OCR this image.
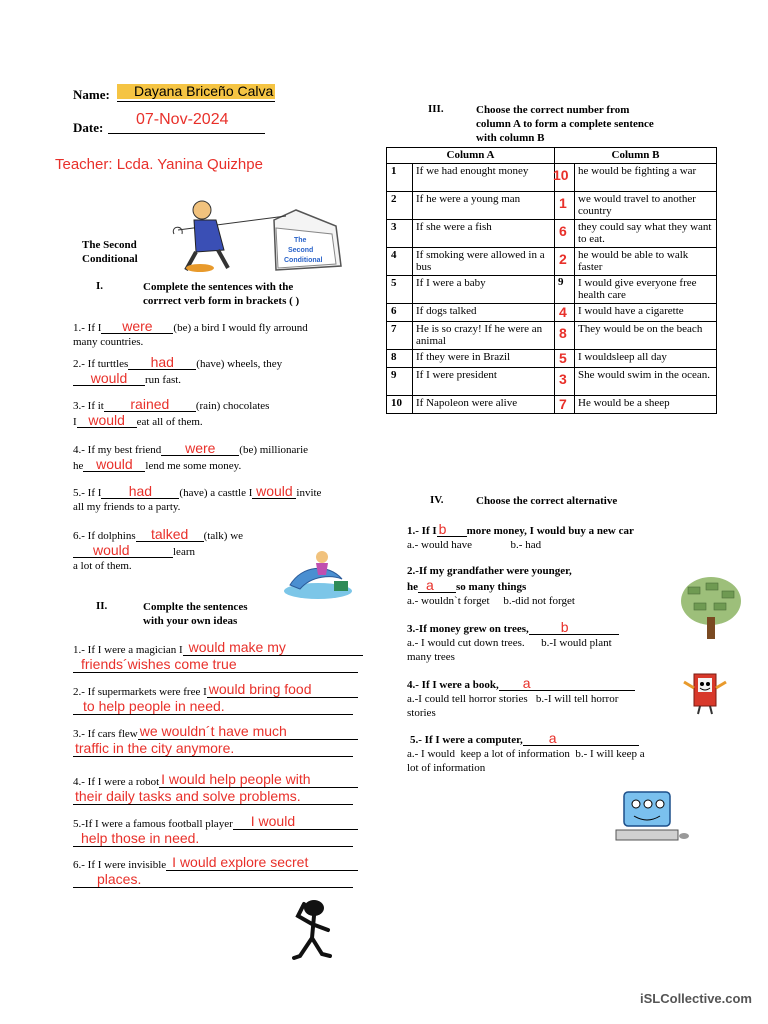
Name: Dayana Briceño Calva
Date: 07-Nov-2024
Teacher: Lcda. Yanina Quizhpe
The Second
Conditional
The Second Conditional
I.	Complete the sentences with the
corrrect verb form in brackets ( )
1.- If I were (be) a bird I would fly arround
many countries.
2.- If turttles had (have) wheels, they
would run fast.
3.- If it rained (rain) chocolates
I would eat all of them.
4.- If my best friend were (be) millionarie
he would lend me some money.
5.- If I had (have) a casttle I would invite
all my friends to a party.
6.- If dolphins talked (talk) we
would	learn
a lot of them.
II.	Complte the sentences
with your own ideas
1.- If I were a magician I would make my
friends´wishes come true
2.- If supermarkets were free I would bring food
to help people in need.
3.- If cars flew we wouldn´t have much
traffic in the city anymore.
4.- If I were a robot I would help people with
their daily tasks and solve problems.
5.-If I were a famous football player	I would
help those in need.
6.- If I were invisible I would explore secret
places.
III.	Choose the correct number from
column A to form a complete sentence
with column B
Column A		Column B	
1	If we had enought money	10	he would be fighting a war
2	If he were a young man	1	we would travel to another country
3	If she were a fish	6	they could say what they want to eat.
4	If smoking were allowed in a bus	2	he would be able to walk faster
5	If I were a baby	9	I would give everyone free health care
6	If dogs talked	4	I would have a cigarette
7	He is so crazy! If he were an animal	8	They would be on the beach
8	If they were in Brazil	5	I wouldsleep all day
9	If I were president	3	She would swim in the ocean.
10	If Napoleon were alive	7	He would be a sheep
IV.	Choose the correct alternative
1.- If I b more money, I would buy a new car
a.- would have              b.- had
2.-If my grandfather were younger,
he a so many things
a.- wouldn`t forget     b.-did not forget
3.-If money grew on trees, b
a.- I would cut down trees.      b.-I would plant
many trees
4.- If I were a book, a
a.-I could tell horror stories   b.-I will tell horror
stories
5.- If I were a computer, a
a.- I would  keep a lot of information  b.- I will keep a
lot of information
iSLCollective.com
